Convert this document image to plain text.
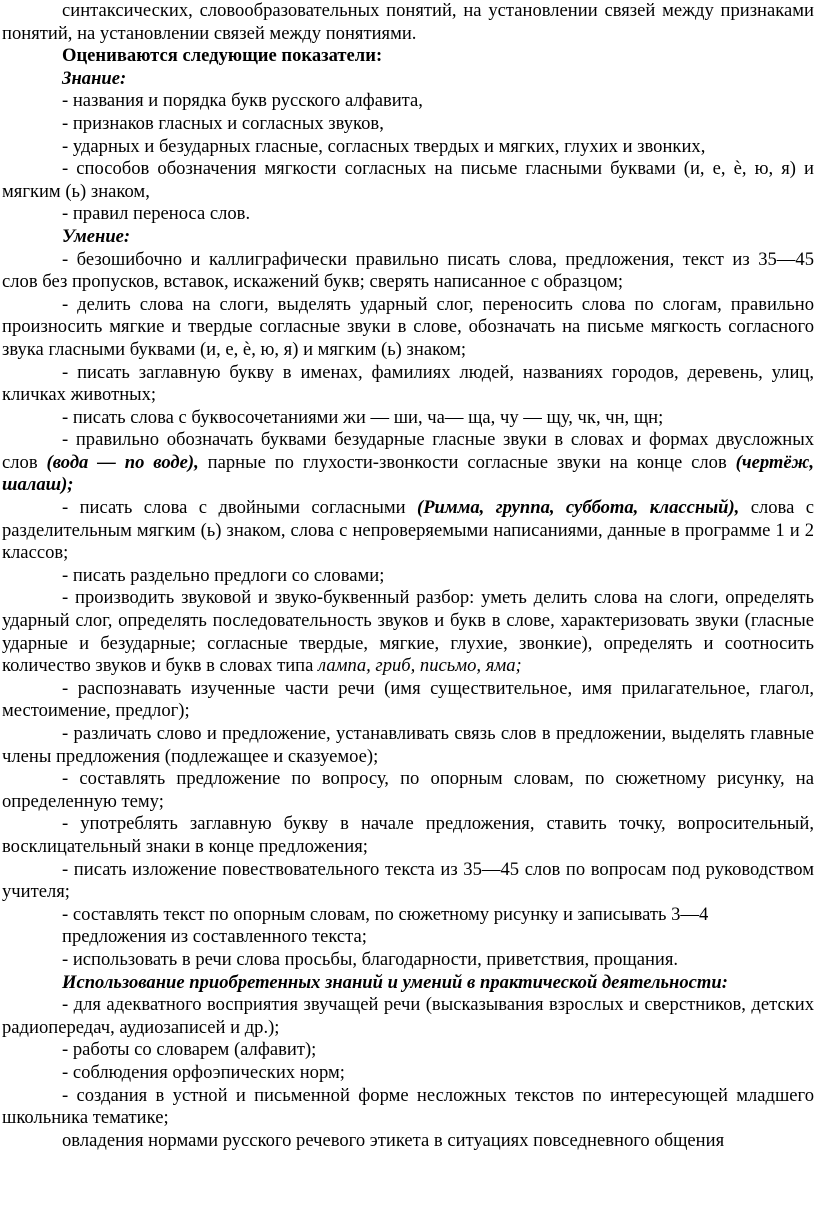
синтаксических, словообразовательных понятий, на установлении связей между признаками понятий, на установлении связей между понятиями.

Оцениваются следующие показатели:

Знание:

- названия и порядка букв русского алфавита,

- признаков гласных и согласных звуков,

- ударных и безударных гласные, согласных твердых и мягких, глухих и звонких,

- способов обозначения мягкости согласных на письме гласными буквами (и, е, ѐ, ю, я) и мягким (ь) знаком,

- правил переноса слов.

Умение:

- безошибочно и каллиграфически правильно писать слова, предложения, текст из 35—45 слов без пропусков, вставок, искажений букв; сверять написанное с образцом;

- делить слова на слоги, выделять ударный слог, переносить слова по слогам, правильно произносить мягкие и твердые согласные звуки в слове, обозначать на письме мягкость согласного звука гласными буквами (и, е, ѐ, ю, я) и мягким (ь) знаком;

- писать заглавную букву в именах, фамилиях людей, названиях городов, деревень, улиц, кличках животных;

- писать слова с буквосочетаниями жи — ши, ча— ща, чу — щу, чк, чн, щн;

- правильно обозначать буквами безударные гласные звуки в словах и формах двусложных слов (вода — по воде), парные по глухости-звонкости согласные звуки на конце слов (чертёж, шалаш);

- писать слова с двойными согласными (Римма, группа, суббота, классный), слова с разделительным мягким (ь) знаком, слова с непроверяемыми написаниями, данные в программе 1 и 2 классов;

- писать раздельно предлоги со словами;

- производить звуковой и звуко-буквенный разбор: уметь делить слова на слоги, определять ударный слог, определять последовательность звуков и букв в слове, характеризовать звуки (гласные ударные и безударные; согласные твердые, мягкие, глухие, звонкие), определять и соотносить количество звуков и букв в словах типа лампа, гриб, письмо, яма;

- распознавать изученные части речи (имя существительное, имя прилагательное, глагол, местоимение, предлог);

- различать слово и предложение, устанавливать связь слов в предложении, выделять главные члены предложения (подлежащее и сказуемое);

- составлять предложение по вопросу, по опорным словам, по сюжетному рисунку, на определенную тему;

- употреблять заглавную букву в начале предложения, ставить точку, вопросительный, восклицательный знаки в конце предложения;

- писать изложение повествовательного текста из 35—45 слов по вопросам под руководством учителя;

- составлять текст по опорным словам, по сюжетному рисунку и записывать 3—4

предложения из составленного текста;

- использовать в речи слова просьбы, благодарности, приветствия, прощания.

Использование приобретенных знаний и умений в практической деятельности:

- для адекватного восприятия звучащей речи (высказывания взрослых и сверстников, детских радиопередач, аудиозаписей и др.);

- работы со словарем (алфавит);

- соблюдения орфоэпических норм;

- создания в устной и письменной форме несложных текстов по интересующей младшего школьника тематике;

овладения нормами русского речевого этикета в ситуациях повседневного общения
